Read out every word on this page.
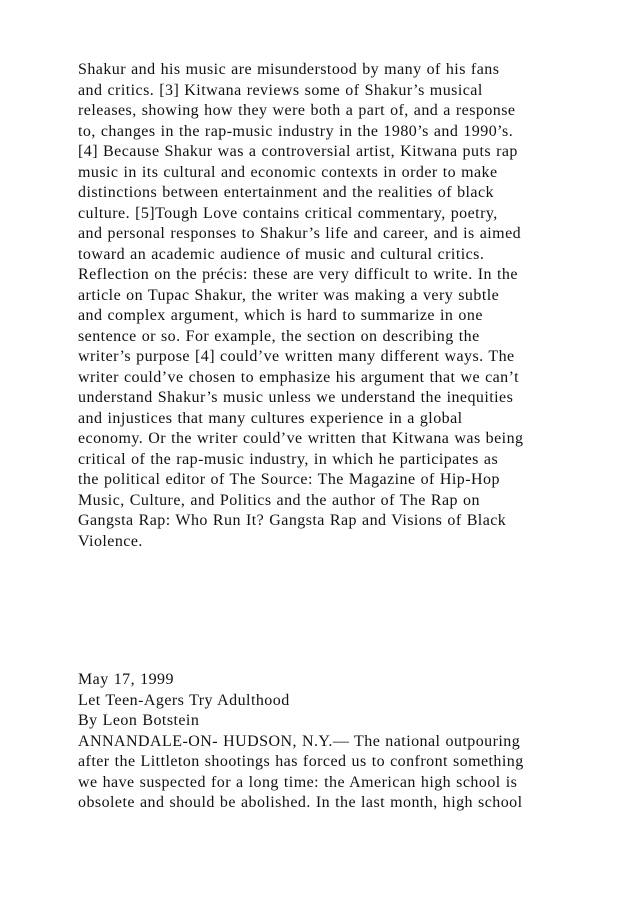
Shakur and his music are misunderstood by many of his fans
and critics. [3] Kitwana reviews some of Shakur’s musical
releases, showing how they were both a part of, and a response
to, changes in the rap-music industry in the 1980’s and 1990’s.
[4] Because Shakur was a controversial artist, Kitwana puts rap
music in its cultural and economic contexts in order to make
distinctions between entertainment and the realities of black
culture. [5]Tough Love contains critical commentary, poetry,
and personal responses to Shakur’s life and career, and is aimed
toward an academic audience of music and cultural critics.
Reflection on the précis: these are very difficult to write. In the
article on Tupac Shakur, the writer was making a very subtle
and complex argument, which is hard to summarize in one
sentence or so. For example, the section on describing the
writer’s purpose [4] could’ve written many different ways. The
writer could’ve chosen to emphasize his argument that we can’t
understand Shakur’s music unless we understand the inequities
and injustices that many cultures experience in a global
economy. Or the writer could’ve written that Kitwana was being
critical of the rap-music industry, in which he participates as
the political editor of The Source: The Magazine of Hip-Hop
Music, Culture, and Politics and the author of The Rap on
Gangsta Rap: Who Run It? Gangsta Rap and Visions of Black
Violence.
May 17, 1999
Let Teen-Agers Try Adulthood
By Leon Botstein
ANNANDALE-ON- HUDSON, N.Y.— The national outpouring
after the Littleton shootings has forced us to confront something
we have suspected for a long time: the American high school is
obsolete and should be abolished. In the last month, high school
